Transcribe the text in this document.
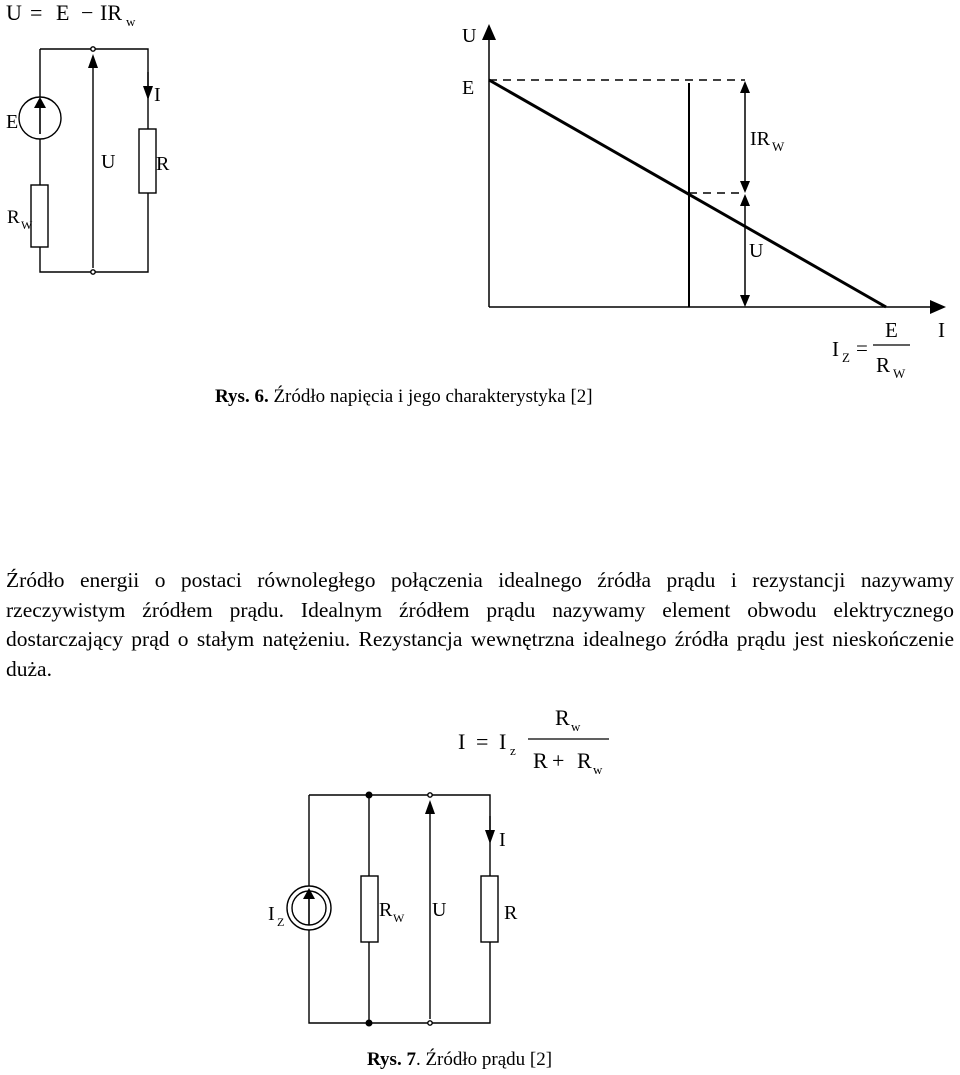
U = E − IR w
E
U
I
R
R W
U
E
IR W
U
I
I Z =
E
R W
I = I z
R w
R + R w
I Z
R W U	R
I
Rys. 6. Źródło napięcia i jego charakterystyka [2]

Źródło energii o postaci równoległego połączenia idealnego źródła prądu i rezystancji nazywamy rzeczywistym źródłem prądu. Idealnym źródłem prądu nazywamy element obwodu elektrycznego dostarczający prąd o stałym natężeniu. Rezystancja wewnętrzna idealnego źródła prądu jest nieskończenie duża.

Rys. 7. Źródło prądu [2]
